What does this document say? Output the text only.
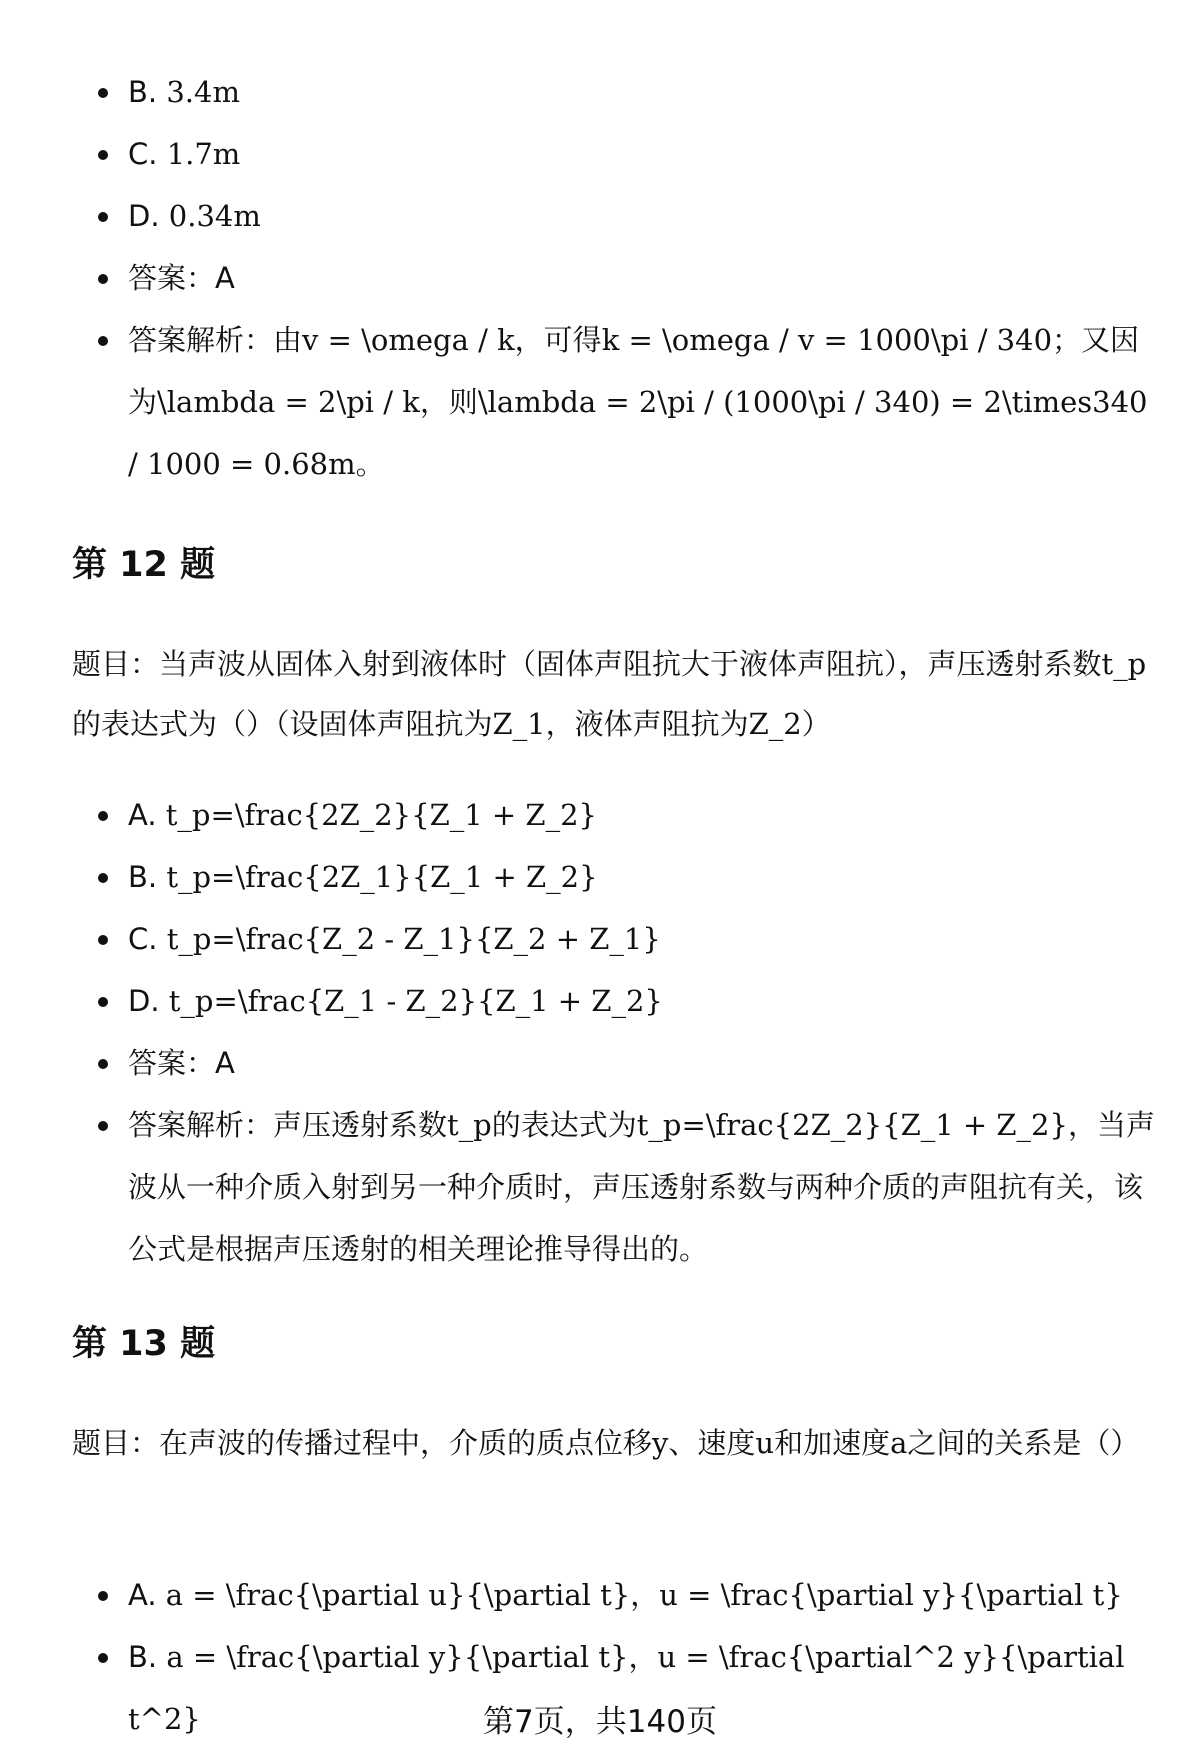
B. 3.4m
C. 1.7m
D. 0.34m
答案：A
答案解析：由v = \omega / k，可得k = \omega / v = 1000\pi / 340；又因为\lambda = 2\pi / k，则\lambda = 2\pi / (1000\pi / 340) = 2\times340 / 1000 = 0.68m。
第 12 题
题目：当声波从固体入射到液体时（固体声阻抗大于液体声阻抗），声压透射系数t_p的表达式为（）（设固体声阻抗为Z_1，液体声阻抗为Z_2）
A. t_p=\frac{2Z_2}{Z_1 + Z_2}
B. t_p=\frac{2Z_1}{Z_1 + Z_2}
C. t_p=\frac{Z_2 - Z_1}{Z_2 + Z_1}
D. t_p=\frac{Z_1 - Z_2}{Z_1 + Z_2}
答案：A
答案解析：声压透射系数t_p的表达式为t_p=\frac{2Z_2}{Z_1 + Z_2}，当声波从一种介质入射到另一种介质时，声压透射系数与两种介质的声阻抗有关，该公式是根据声压透射的相关理论推导得出的。
第 13 题
题目：在声波的传播过程中，介质的质点位移y、速度u和加速度a之间的关系是（）
A. a = \frac{\partial u}{\partial t}，u = \frac{\partial y}{\partial t}
B. a = \frac{\partial y}{\partial t}，u = \frac{\partial^2 y}{\partial t^2}	第7页，共140页
